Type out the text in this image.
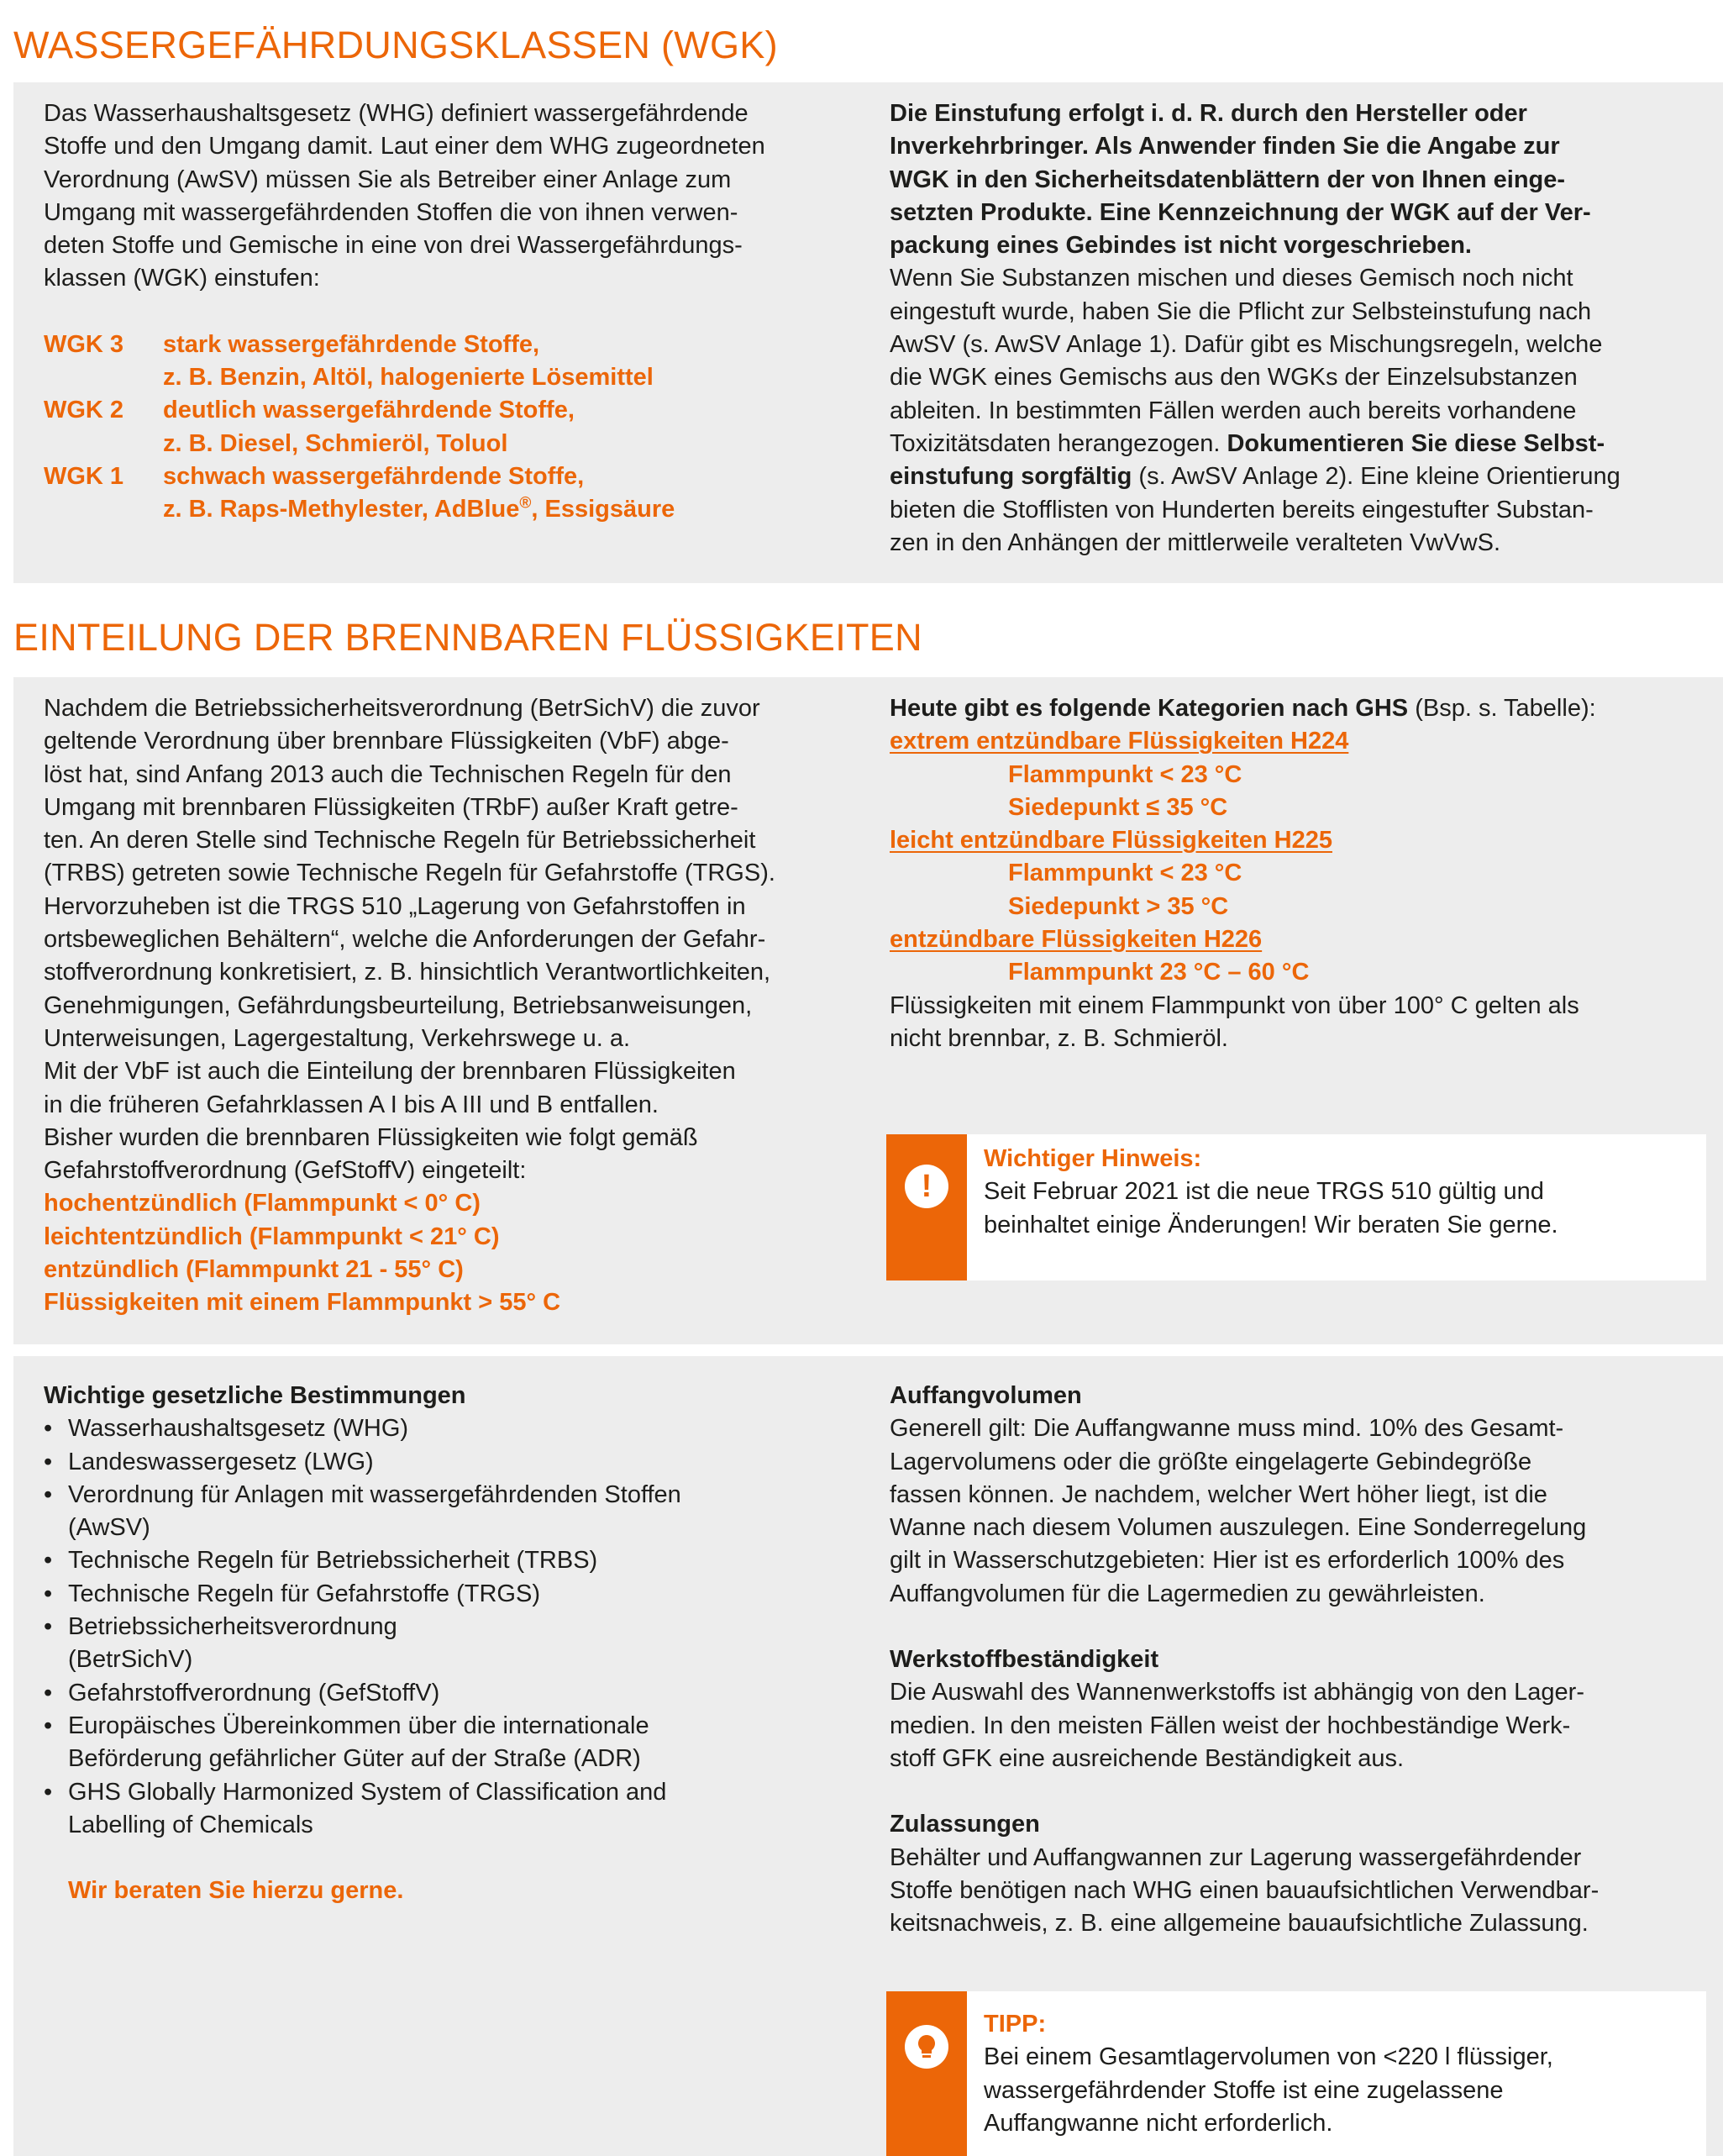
WASSERGEFÄHRDUNGSKLASSEN (WGK)

Das Wasserhaushaltsgesetz (WHG) definiert wassergefährdende
Stoffe und den Umgang damit. Laut einer dem WHG zugeordneten
Verordnung (AwSV) müssen Sie als Betreiber einer Anlage zum
Umgang mit wassergefährdenden Stoffen die von ihnen verwen-
deten Stoffe und Gemische in eine von drei Wassergefährdungs-
klassen (WGK) einstufen:

WGK 3	stark wassergefährdende Stoffe,
z. B. Benzin, Altöl, halogenierte Lösemittel
WGK 2	deutlich wassergefährdende Stoffe,
z. B. Diesel, Schmieröl, Toluol
WGK 1	schwach wassergefährdende Stoffe,
z. B. Raps-Methylester, AdBlue®, Essigsäure

Die Einstufung erfolgt i. d. R. durch den Hersteller oder
Inverkehrbringer. Als Anwender finden Sie die Angabe zur
WGK in den Sicherheitsdatenblättern der von Ihnen einge-
setzten Produkte. Eine Kennzeichnung der WGK auf der Ver-
packung eines Gebindes ist nicht vorgeschrieben.

Wenn Sie Substanzen mischen und dieses Gemisch noch nicht
eingestuft wurde, haben Sie die Pflicht zur Selbsteinstufung nach
AwSV (s. AwSV Anlage 1). Dafür gibt es Mischungsregeln, welche
die WGK eines Gemischs aus den WGKs der Einzelsubstanzen
ableiten. In bestimmten Fällen werden auch bereits vorhandene
Toxizitätsdaten herangezogen. Dokumentieren Sie diese Selbst-
einstufung sorgfältig (s. AwSV Anlage 2). Eine kleine Orientierung
bieten die Stofflisten von Hunderten bereits eingestufter Substan-
zen in den Anhängen der mittlerweile veralteten VwVwS.

EINTEILUNG DER BRENNBAREN FLÜSSIGKEITEN

Nachdem die Betriebssicherheitsverordnung (BetrSichV) die zuvor
geltende Verordnung über brennbare Flüssigkeiten (VbF) abge-
löst hat, sind Anfang 2013 auch die Technischen Regeln für den
Umgang mit brennbaren Flüssigkeiten (TRbF) außer Kraft getre-
ten. An deren Stelle sind Technische Regeln für Betriebssicherheit
(TRBS) getreten sowie Technische Regeln für Gefahrstoffe (TRGS).
Hervorzuheben ist die TRGS 510 „Lagerung von Gefahrstoffen in
ortsbeweglichen Behältern“, welche die Anforderungen der Gefahr-
stoffverordnung konkretisiert, z. B. hinsichtlich Verantwortlichkeiten,
Genehmigungen, Gefährdungsbeurteilung, Betriebsanweisungen,
Unterweisungen, Lagergestaltung, Verkehrswege u. a.
Mit der VbF ist auch die Einteilung der brennbaren Flüssigkeiten
in die früheren Gefahrklassen A I bis A III und B entfallen.
Bisher wurden die brennbaren Flüssigkeiten wie folgt gemäß
Gefahrstoffverordnung (GefStoffV) eingeteilt:

hochentzündlich (Flammpunkt < 0° C)
leichtentzündlich (Flammpunkt < 21° C)
entzündlich (Flammpunkt 21 - 55° C)
Flüssigkeiten mit einem Flammpunkt > 55° C

Heute gibt es folgende Kategorien nach GHS (Bsp. s. Tabelle):

extrem entzündbare Flüssigkeiten H224
Flammpunkt < 23 °C
Siedepunkt ≤ 35 °C
leicht entzündbare Flüssigkeiten H225
Flammpunkt < 23 °C
Siedepunkt > 35 °C
entzündbare Flüssigkeiten H226
Flammpunkt 23 °C – 60 °C

Flüssigkeiten mit einem Flammpunkt von über 100° C gelten als
nicht brennbar, z. B. Schmieröl.

!
Wichtiger Hinweis:
Seit Februar 2021 ist die neue TRGS 510 gültig und
beinhaltet einige Änderungen! Wir beraten Sie gerne.
Wichtige gesetzliche Bestimmungen
• Wasserhaushaltsgesetz (WHG)
• Landeswassergesetz (LWG)
• Verordnung für Anlagen mit wassergefährdenden Stoffen
(AwSV)
• Technische Regeln für Betriebssicherheit (TRBS)
• Technische Regeln für Gefahrstoffe (TRGS)
• Betriebssicherheitsverordnung
(BetrSichV)
• Gefahrstoffverordnung (GefStoffV)
• Europäisches Übereinkommen über die internationale
Beförderung gefährlicher Güter auf der Straße (ADR)
• GHS Globally Harmonized System of Classification and
Labelling of Chemicals
Wir beraten Sie hierzu gerne.
Auffangvolumen
Generell gilt: Die Auffangwanne muss mind. 10% des Gesamt-
Lagervolumens oder die größte eingelagerte Gebindegröße
fassen können. Je nachdem, welcher Wert höher liegt, ist die
Wanne nach diesem Volumen auszulegen. Eine Sonderregelung
gilt in Wasserschutzgebieten: Hier ist es erforderlich 100% des
Auffangvolumen für die Lagermedien zu gewährleisten.
Werkstoffbeständigkeit
Die Auswahl des Wannenwerkstoffs ist abhängig von den Lager-
medien. In den meisten Fällen weist der hochbeständige Werk-
stoff GFK eine ausreichende Beständigkeit aus.
Zulassungen
Behälter und Auffangwannen zur Lagerung wassergefährdender
Stoffe benötigen nach WHG einen bauaufsichtlichen Verwendbar-
keitsnachweis, z. B. eine allgemeine bauaufsichtliche Zulassung.
TIPP:
Bei einem Gesamtlagervolumen von <220 l flüssiger,
wassergefährdender Stoffe ist eine zugelassene
Auffangwanne nicht erforderlich.
